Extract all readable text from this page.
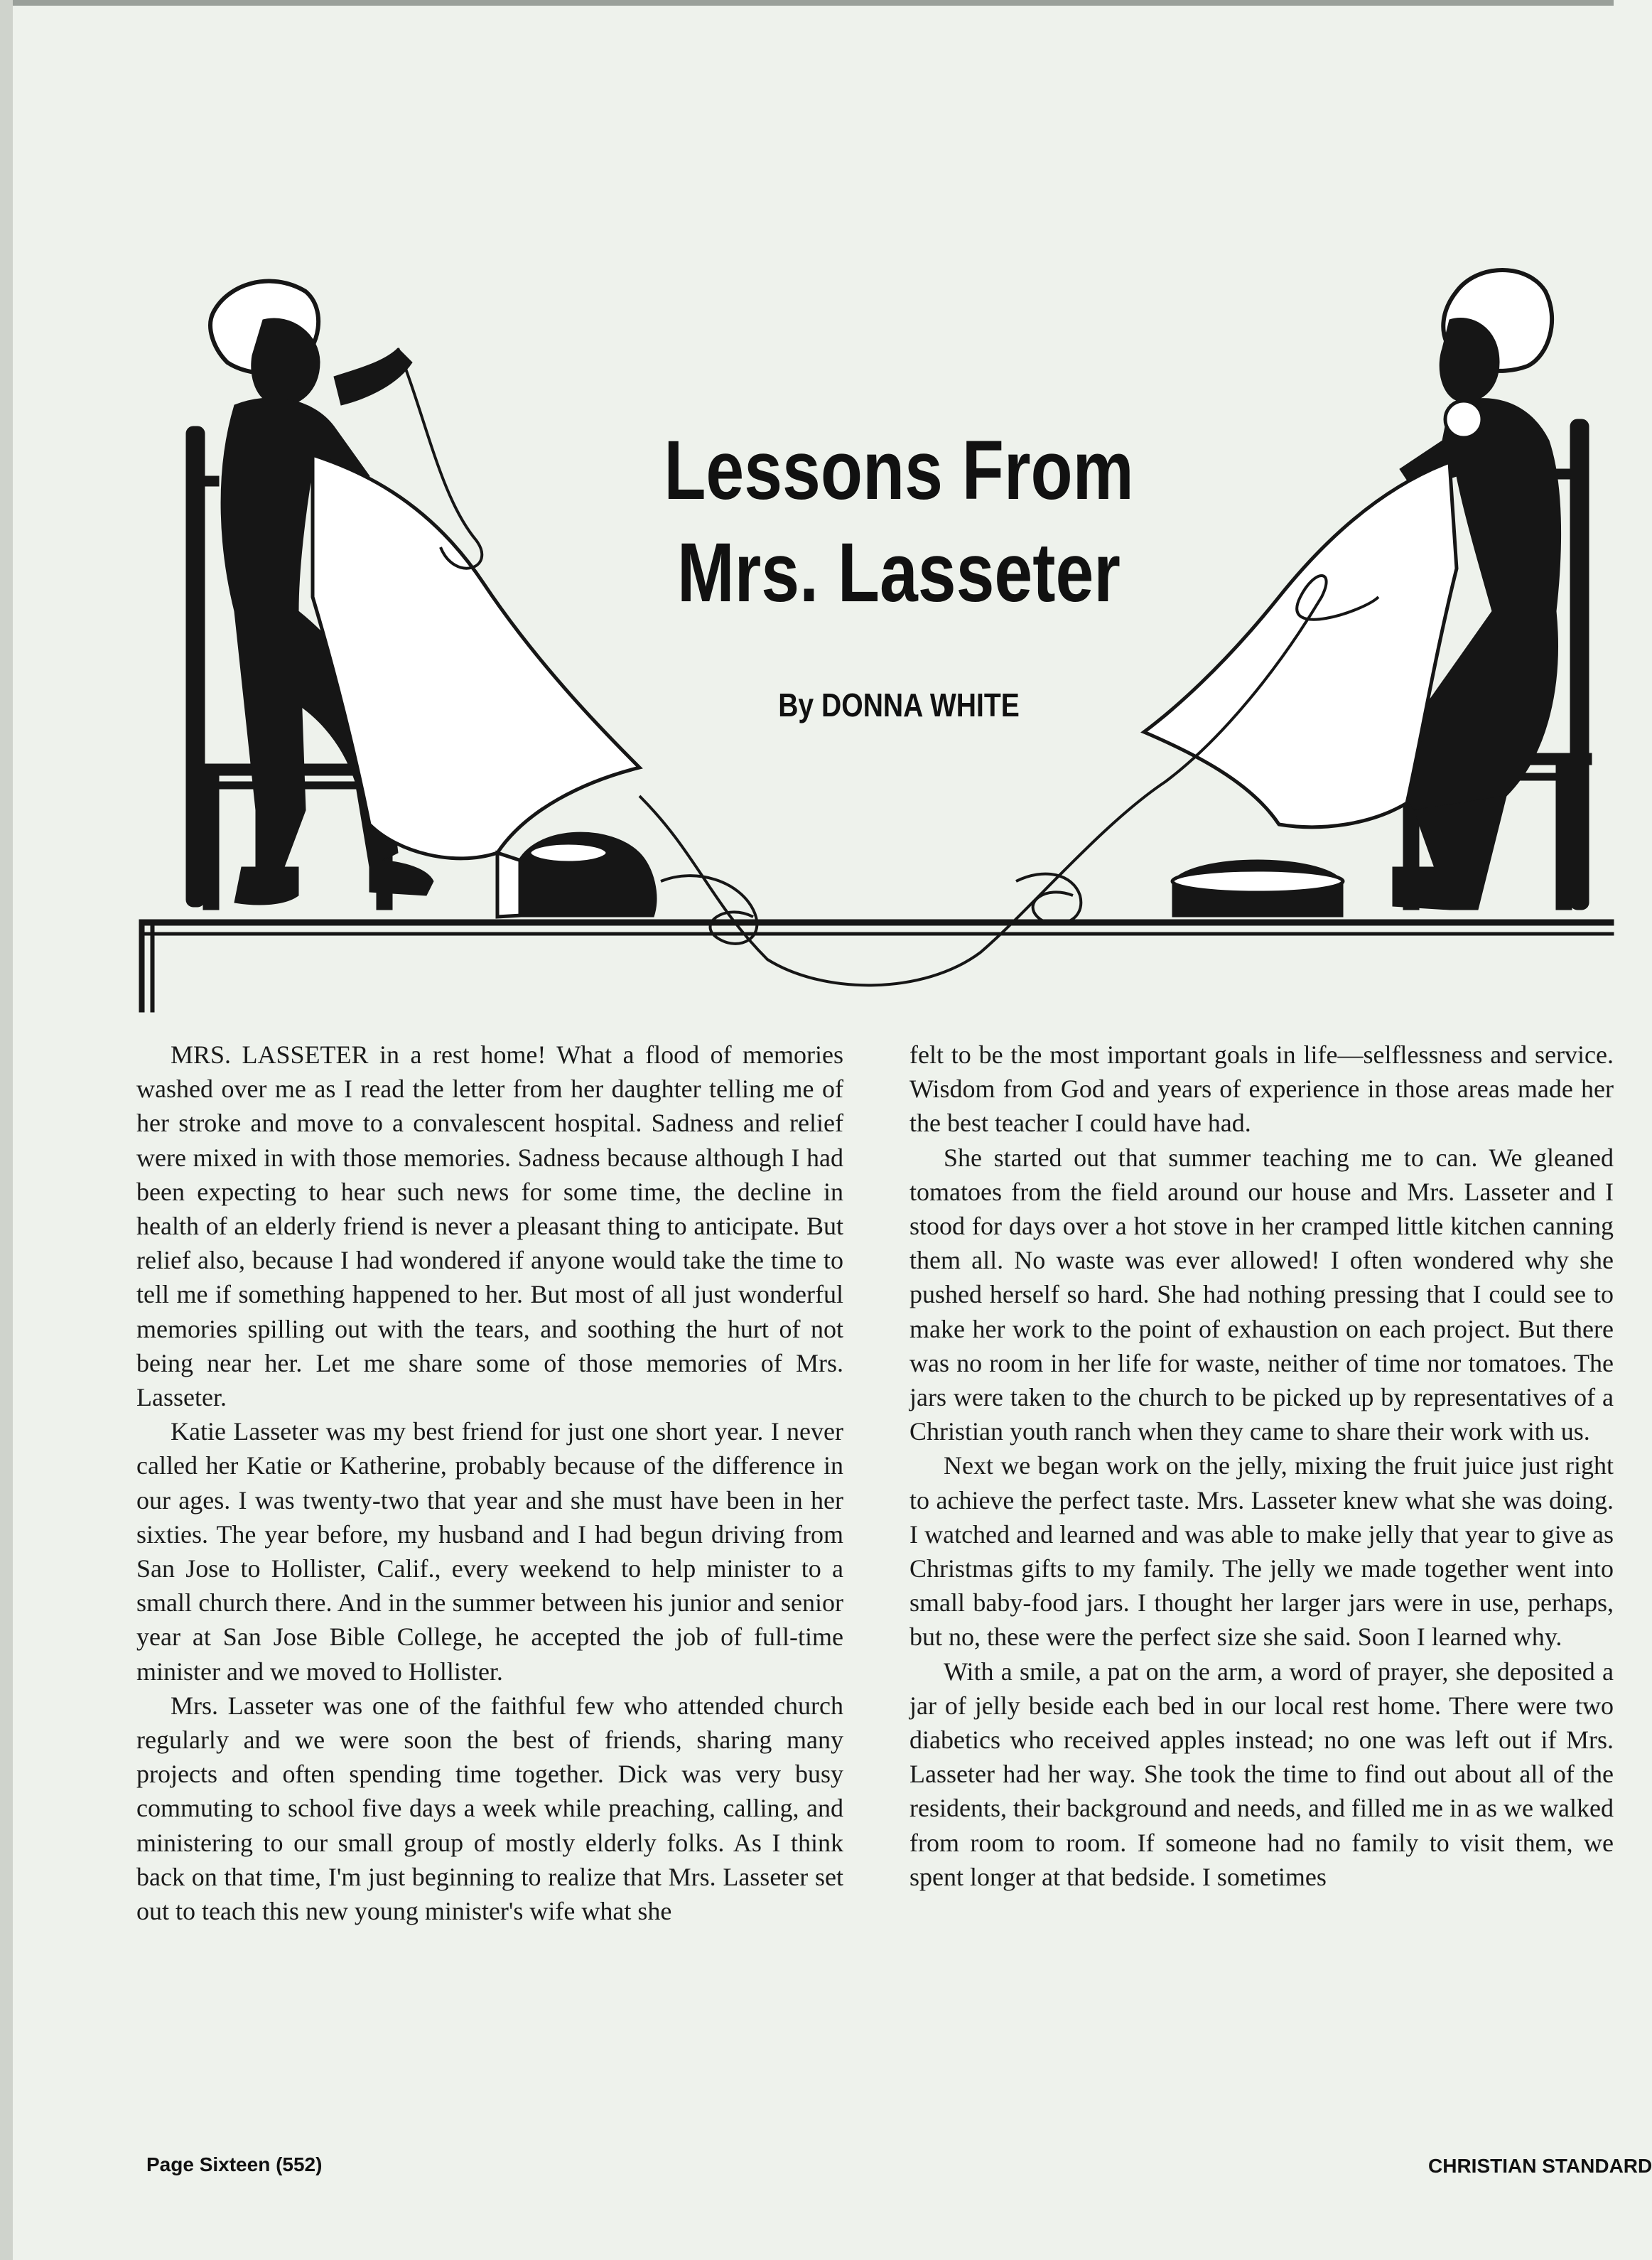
Lessons From
Mrs. Lasseter
By DONNA WHITE

MRS. LASSETER in a rest home! What a flood of memories washed over me as I read the letter from her daughter telling me of her stroke and move to a convalescent hospital. Sadness and relief were mixed in with those memories. Sadness because although I had been expecting to hear such news for some time, the decline in health of an elderly friend is never a pleasant thing to anticipate. But relief also, because I had wondered if anyone would take the time to tell me if something happened to her. But most of all just wonderful memories spilling out with the tears, and soothing the hurt of not being near her. Let me share some of those memories of Mrs. Lasseter.

Katie Lasseter was my best friend for just one short year. I never called her Katie or Katherine, probably because of the difference in our ages. I was twenty-two that year and she must have been in her sixties. The year before, my husband and I had begun driving from San Jose to Hollister, Calif., every weekend to help minister to a small church there. And in the summer between his junior and senior year at San Jose Bible College, he accepted the job of full-time minister and we moved to Hollister.

Mrs. Lasseter was one of the faithful few who attended church regularly and we were soon the best of friends, sharing many projects and often spending time together. Dick was very busy commuting to school five days a week while preaching, calling, and ministering to our small group of mostly elderly folks. As I think back on that time, I'm just beginning to realize that Mrs. Lasseter set out to teach this new young minister's wife what she

felt to be the most important goals in life—selflessness and service. Wisdom from God and years of experience in those areas made her the best teacher I could have had.

She started out that summer teaching me to can. We gleaned tomatoes from the field around our house and Mrs. Lasseter and I stood for days over a hot stove in her cramped little kitchen canning them all. No waste was ever allowed! I often wondered why she pushed herself so hard. She had nothing pressing that I could see to make her work to the point of exhaustion on each project. But there was no room in her life for waste, neither of time nor tomatoes. The jars were taken to the church to be picked up by representatives of a Christian youth ranch when they came to share their work with us.

Next we began work on the jelly, mixing the fruit juice just right to achieve the perfect taste. Mrs. Lasseter knew what she was doing. I watched and learned and was able to make jelly that year to give as Christmas gifts to my family. The jelly we made together went into small baby-food jars. I thought her larger jars were in use, perhaps, but no, these were the perfect size she said. Soon I learned why.

With a smile, a pat on the arm, a word of prayer, she deposited a jar of jelly beside each bed in our local rest home. There were two diabetics who received apples instead; no one was left out if Mrs. Lasseter had her way. She took the time to find out about all of the residents, their background and needs, and filled me in as we walked from room to room. If someone had no family to visit them, we spent longer at that bedside. I sometimes

Page Sixteen (552)	CHRISTIAN STANDARD
